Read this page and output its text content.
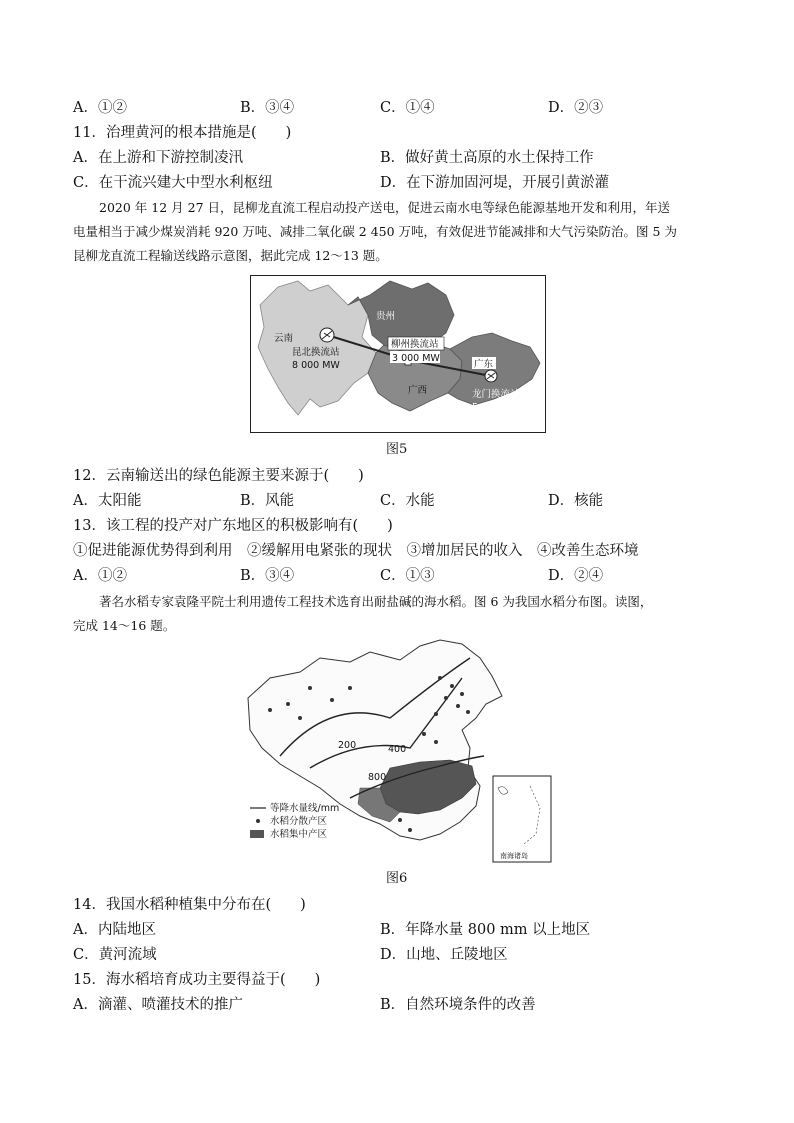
A．①②	B．③④	C．①④	D．②③
11．治理黄河的根本措施是(　　)
A．在上游和下游控制凌汛	B．做好黄土高原的水土保持工作
C．在干流兴建大中型水利枢纽	D．在下游加固河堤，开展引黄淤灌
2020 年 12 月 27 日，昆柳龙直流工程启动投产送电，促进云南水电等绿色能源基地开发和利用，年送
电量相当于减少煤炭消耗 920 万吨、减排二氧化碳 2 450 万吨，有效促进节能减排和大气污染防治。图 5 为
昆柳龙直流工程输送线路示意图，据此完成 12～13 题。
云南
贵州
广西
广东
昆北换流站
8 000 MW
柳州换流站
3 000 MW
龙门换流站
5 000 MW
图5
12．云南输送出的绿色能源主要来源于(　　)
A．太阳能	B．风能	C．水能	D．核能
13．该工程的投产对广东地区的积极影响有(　　)
①促进能源优势得到利用　②缓解用电紧张的现状　③增加居民的收入　④改善生态环境
A．①②	B．③④	C．①③	D．②④
著名水稻专家袁隆平院士利用遗传工程技术选育出耐盐碱的海水稻。图 6 为我国水稻分布图。读图，
完成 14～16 题。
200	400
800
等降水量线/mm
水稻分散产区
水稻集中产区
南海诸岛
图6
14．我国水稻种植集中分布在(　　)
A．内陆地区	B．年降水量 800 mm 以上地区
C．黄河流域	D．山地、丘陵地区
15．海水稻培育成功主要得益于(　　)
A．滴灌、喷灌技术的推广	B．自然环境条件的改善
